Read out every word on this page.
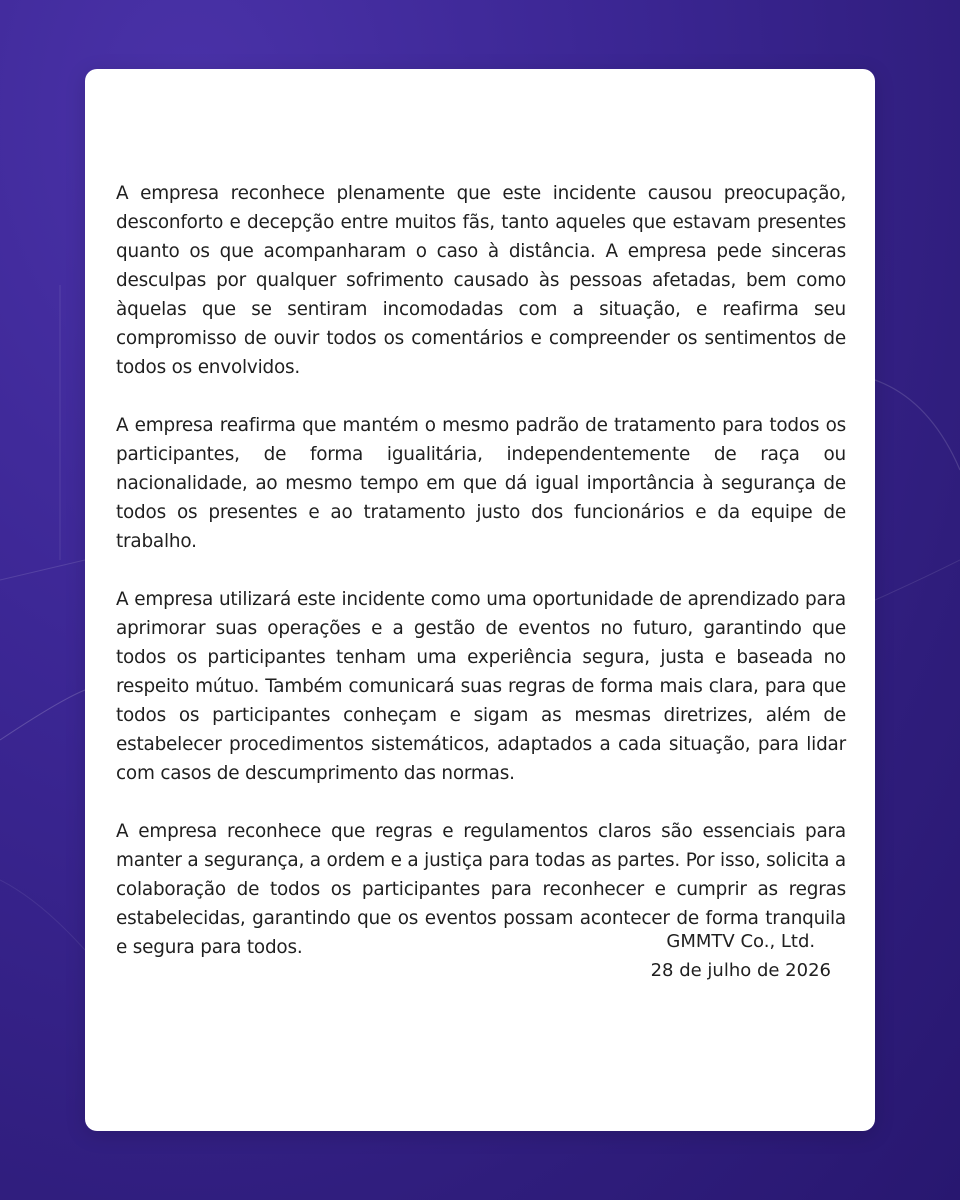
A empresa reconhece plenamente que este incidente causou preocupação, desconforto e decepção entre muitos fãs, tanto aqueles que estavam presentes quanto os que acompanharam o caso à distância. A empresa pede sinceras desculpas por qualquer sofrimento causado às pessoas afetadas, bem como àquelas que se sentiram incomodadas com a situação, e reafirma seu compromisso de ouvir todos os comentários e compreender os sentimentos de todos os envolvidos.

A empresa reafirma que mantém o mesmo padrão de tratamento para todos os participantes, de forma igualitária, independentemente de raça ou nacionalidade, ao mesmo tempo em que dá igual importância à segurança de todos os presentes e ao tratamento justo dos funcionários e da equipe de trabalho.

A empresa utilizará este incidente como uma oportunidade de aprendizado para aprimorar suas operações e a gestão de eventos no futuro, garantindo que todos os participantes tenham uma experiência segura, justa e baseada no respeito mútuo. Também comunicará suas regras de forma mais clara, para que todos os participantes conheçam e sigam as mesmas diretrizes, além de estabelecer procedimentos sistemáticos, adaptados a cada situação, para lidar com casos de descumprimento das normas.

A empresa reconhece que regras e regulamentos claros são essenciais para manter a segurança, a ordem e a justiça para todas as partes. Por isso, solicita a colaboração de todos os participantes para reconhecer e cumprir as regras estabelecidas, garantindo que os eventos possam acontecer de forma tranquila e segura para todos.	GMMTV Co., Ltd.
28 de julho de 2026
